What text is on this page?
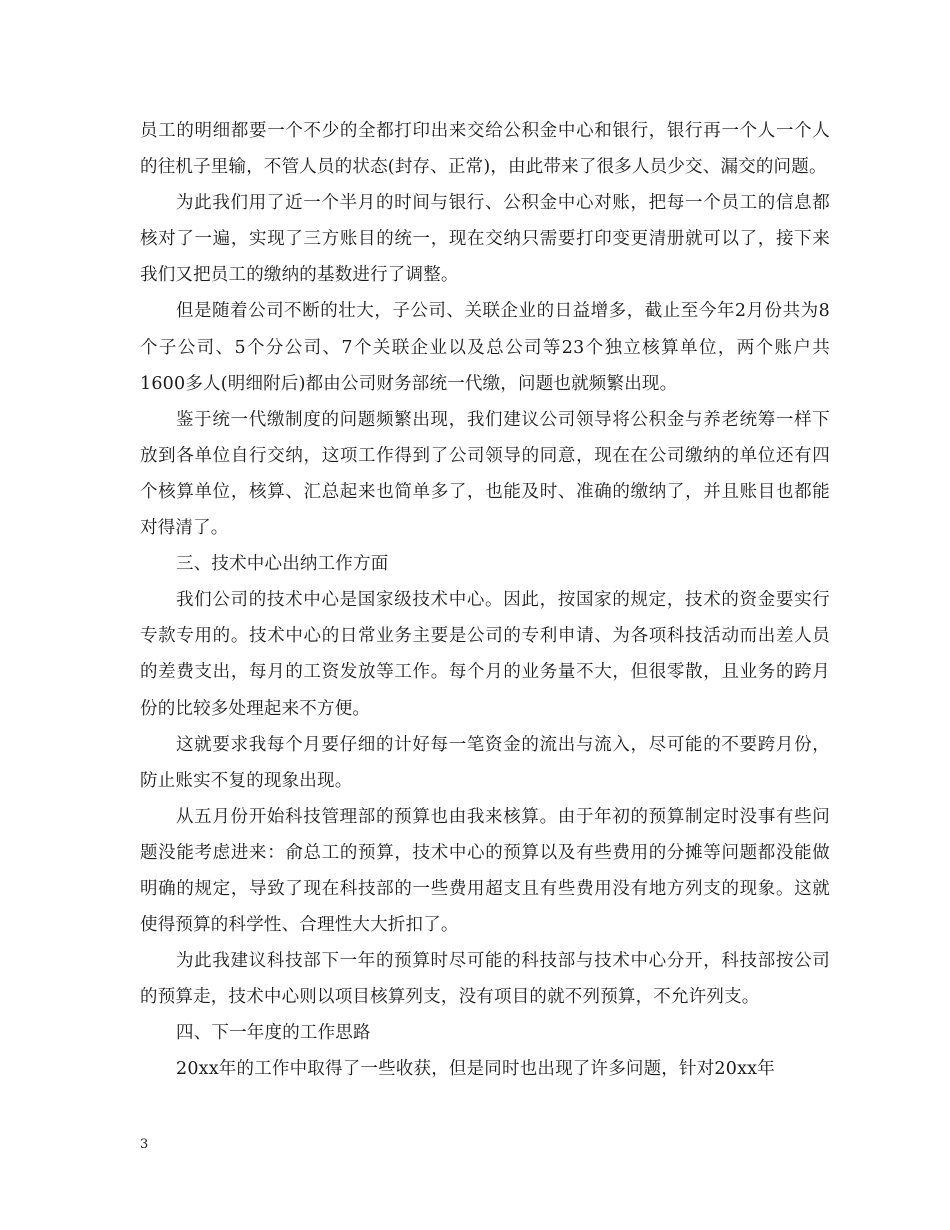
员工的明细都要一个不少的全都打印出来交给公积金中心和银行，银行再一个人一个人的往机子里输，不管人员的状态(封存、正常)，由此带来了很多人员少交、漏交的问题。

为此我们用了近一个半月的时间与银行、公积金中心对账，把每一个员工的信息都核对了一遍，实现了三方账目的统一，现在交纳只需要打印变更清册就可以了，接下来我们又把员工的缴纳的基数进行了调整。

但是随着公司不断的壮大，子公司、关联企业的日益增多，截止至今年2月份共为8个子公司、5个分公司、7个关联企业以及总公司等23个独立核算单位，两个账户共1600多人(明细附后)都由公司财务部统一代缴，问题也就频繁出现。

鉴于统一代缴制度的问题频繁出现，我们建议公司领导将公积金与养老统筹一样下放到各单位自行交纳，这项工作得到了公司领导的同意，现在在公司缴纳的单位还有四个核算单位，核算、汇总起来也简单多了，也能及时、准确的缴纳了，并且账目也都能对得清了。

三、技术中心出纳工作方面

我们公司的技术中心是国家级技术中心。因此，按国家的规定，技术的资金要实行专款专用的。技术中心的日常业务主要是公司的专利申请、为各项科技活动而出差人员的差费支出，每月的工资发放等工作。每个月的业务量不大，但很零散，且业务的跨月份的比较多处理起来不方便。

这就要求我每个月要仔细的计好每一笔资金的流出与流入，尽可能的不要跨月份，防止账实不复的现象出现。

从五月份开始科技管理部的预算也由我来核算。由于年初的预算制定时没事有些问题没能考虑进来：俞总工的预算，技术中心的预算以及有些费用的分摊等问题都没能做明确的规定，导致了现在科技部的一些费用超支且有些费用没有地方列支的现象。这就使得预算的科学性、合理性大大折扣了。

为此我建议科技部下一年的预算时尽可能的科技部与技术中心分开，科技部按公司的预算走，技术中心则以项目核算列支，没有项目的就不列预算，不允许列支。

四、下一年度的工作思路

20xx年的工作中取得了一些收获，但是同时也出现了许多问题，针对20xx年

3
